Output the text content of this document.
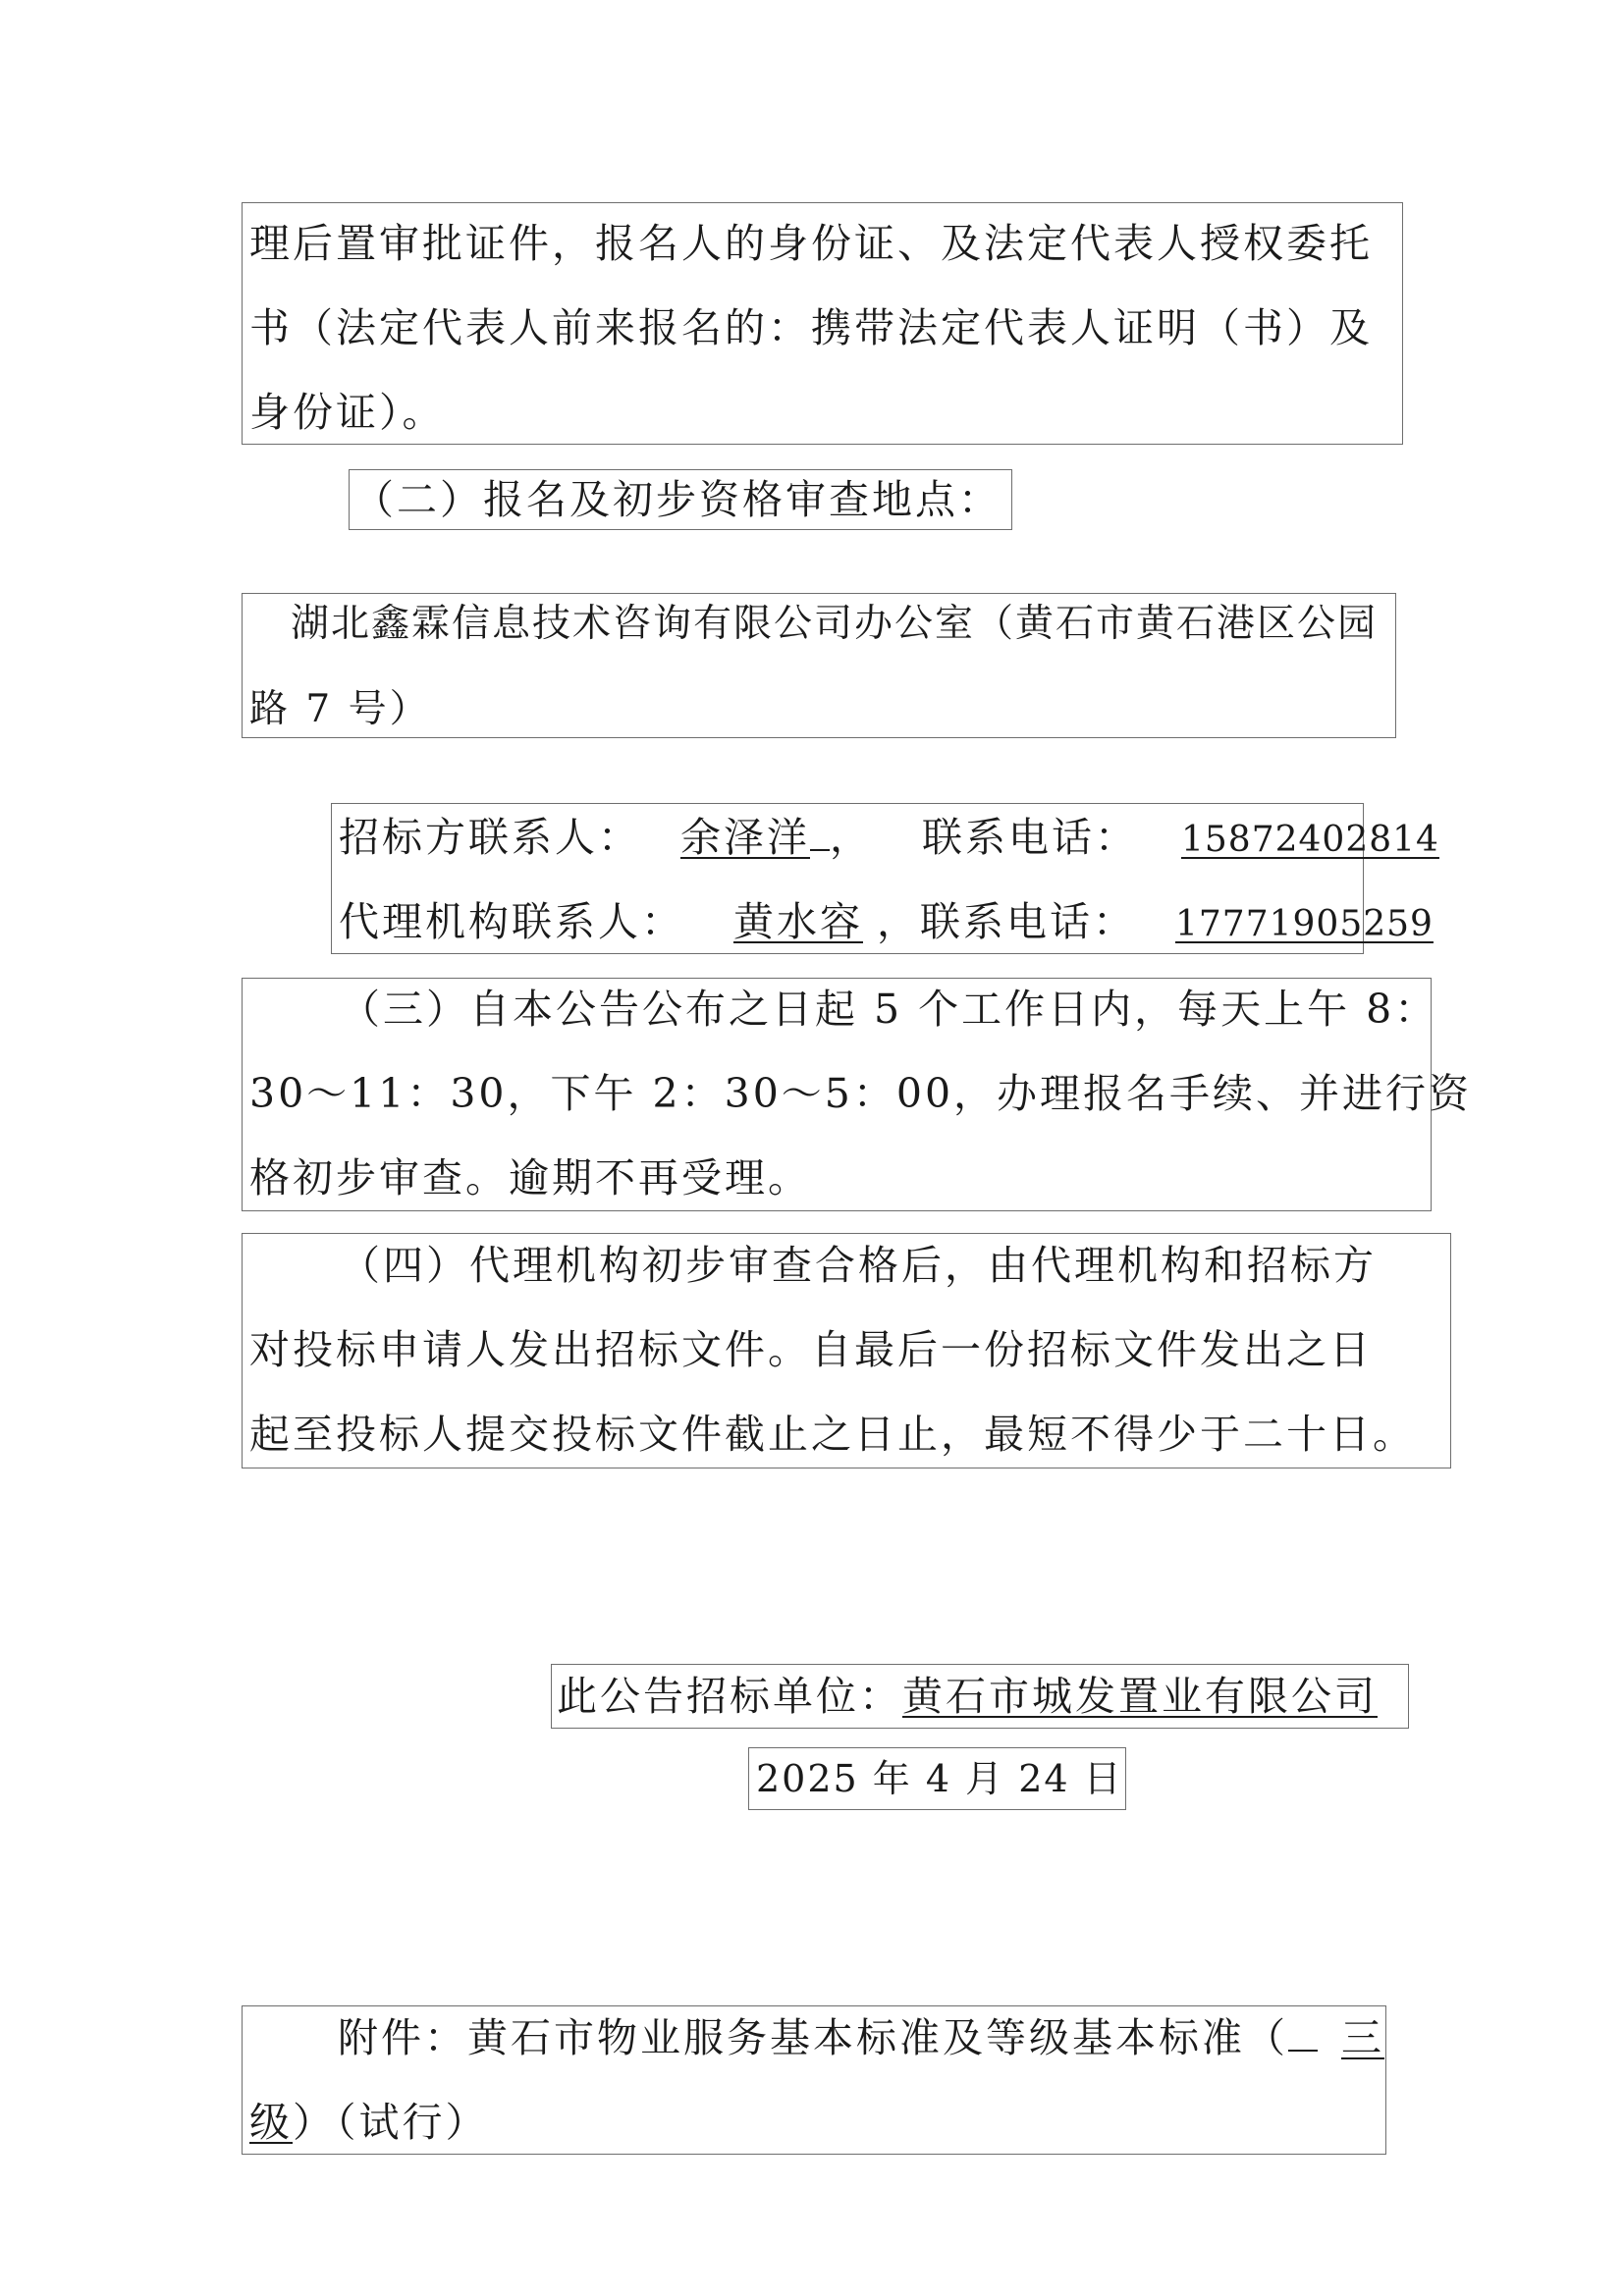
理后置审批证件，报名人的身份证、及法定代表人授权委托

书（法定代表人前来报名的：携带法定代表人证明（书）及

身份证）。

（二）报名及初步资格审查地点：

湖北鑫霖信息技术咨询有限公司办公室（黄石市黄石港区公园

路 7 号）

招标方联系人： 余泽洋 ， 联系电话： 15872402814

代理机构联系人： 黄水容 ，联系电话： 17771905259

（三）自本公告公布之日起 5 个工作日内，每天上午 8：

30～11：30，下午 2：30～5：00，办理报名手续、并进行资

格初步审查。逾期不再受理。

（四）代理机构初步审查合格后，由代理机构和招标方

对投标申请人发出招标文件。自最后一份招标文件发出之日

起至投标人提交投标文件截止之日止，最短不得少于二十日。

此公告招标单位：黄石市城发置业有限公司

2025 年 4 月 24 日

附件：黄石市物业服务基本标准及等级基本标准（ 三

级）（试行）
